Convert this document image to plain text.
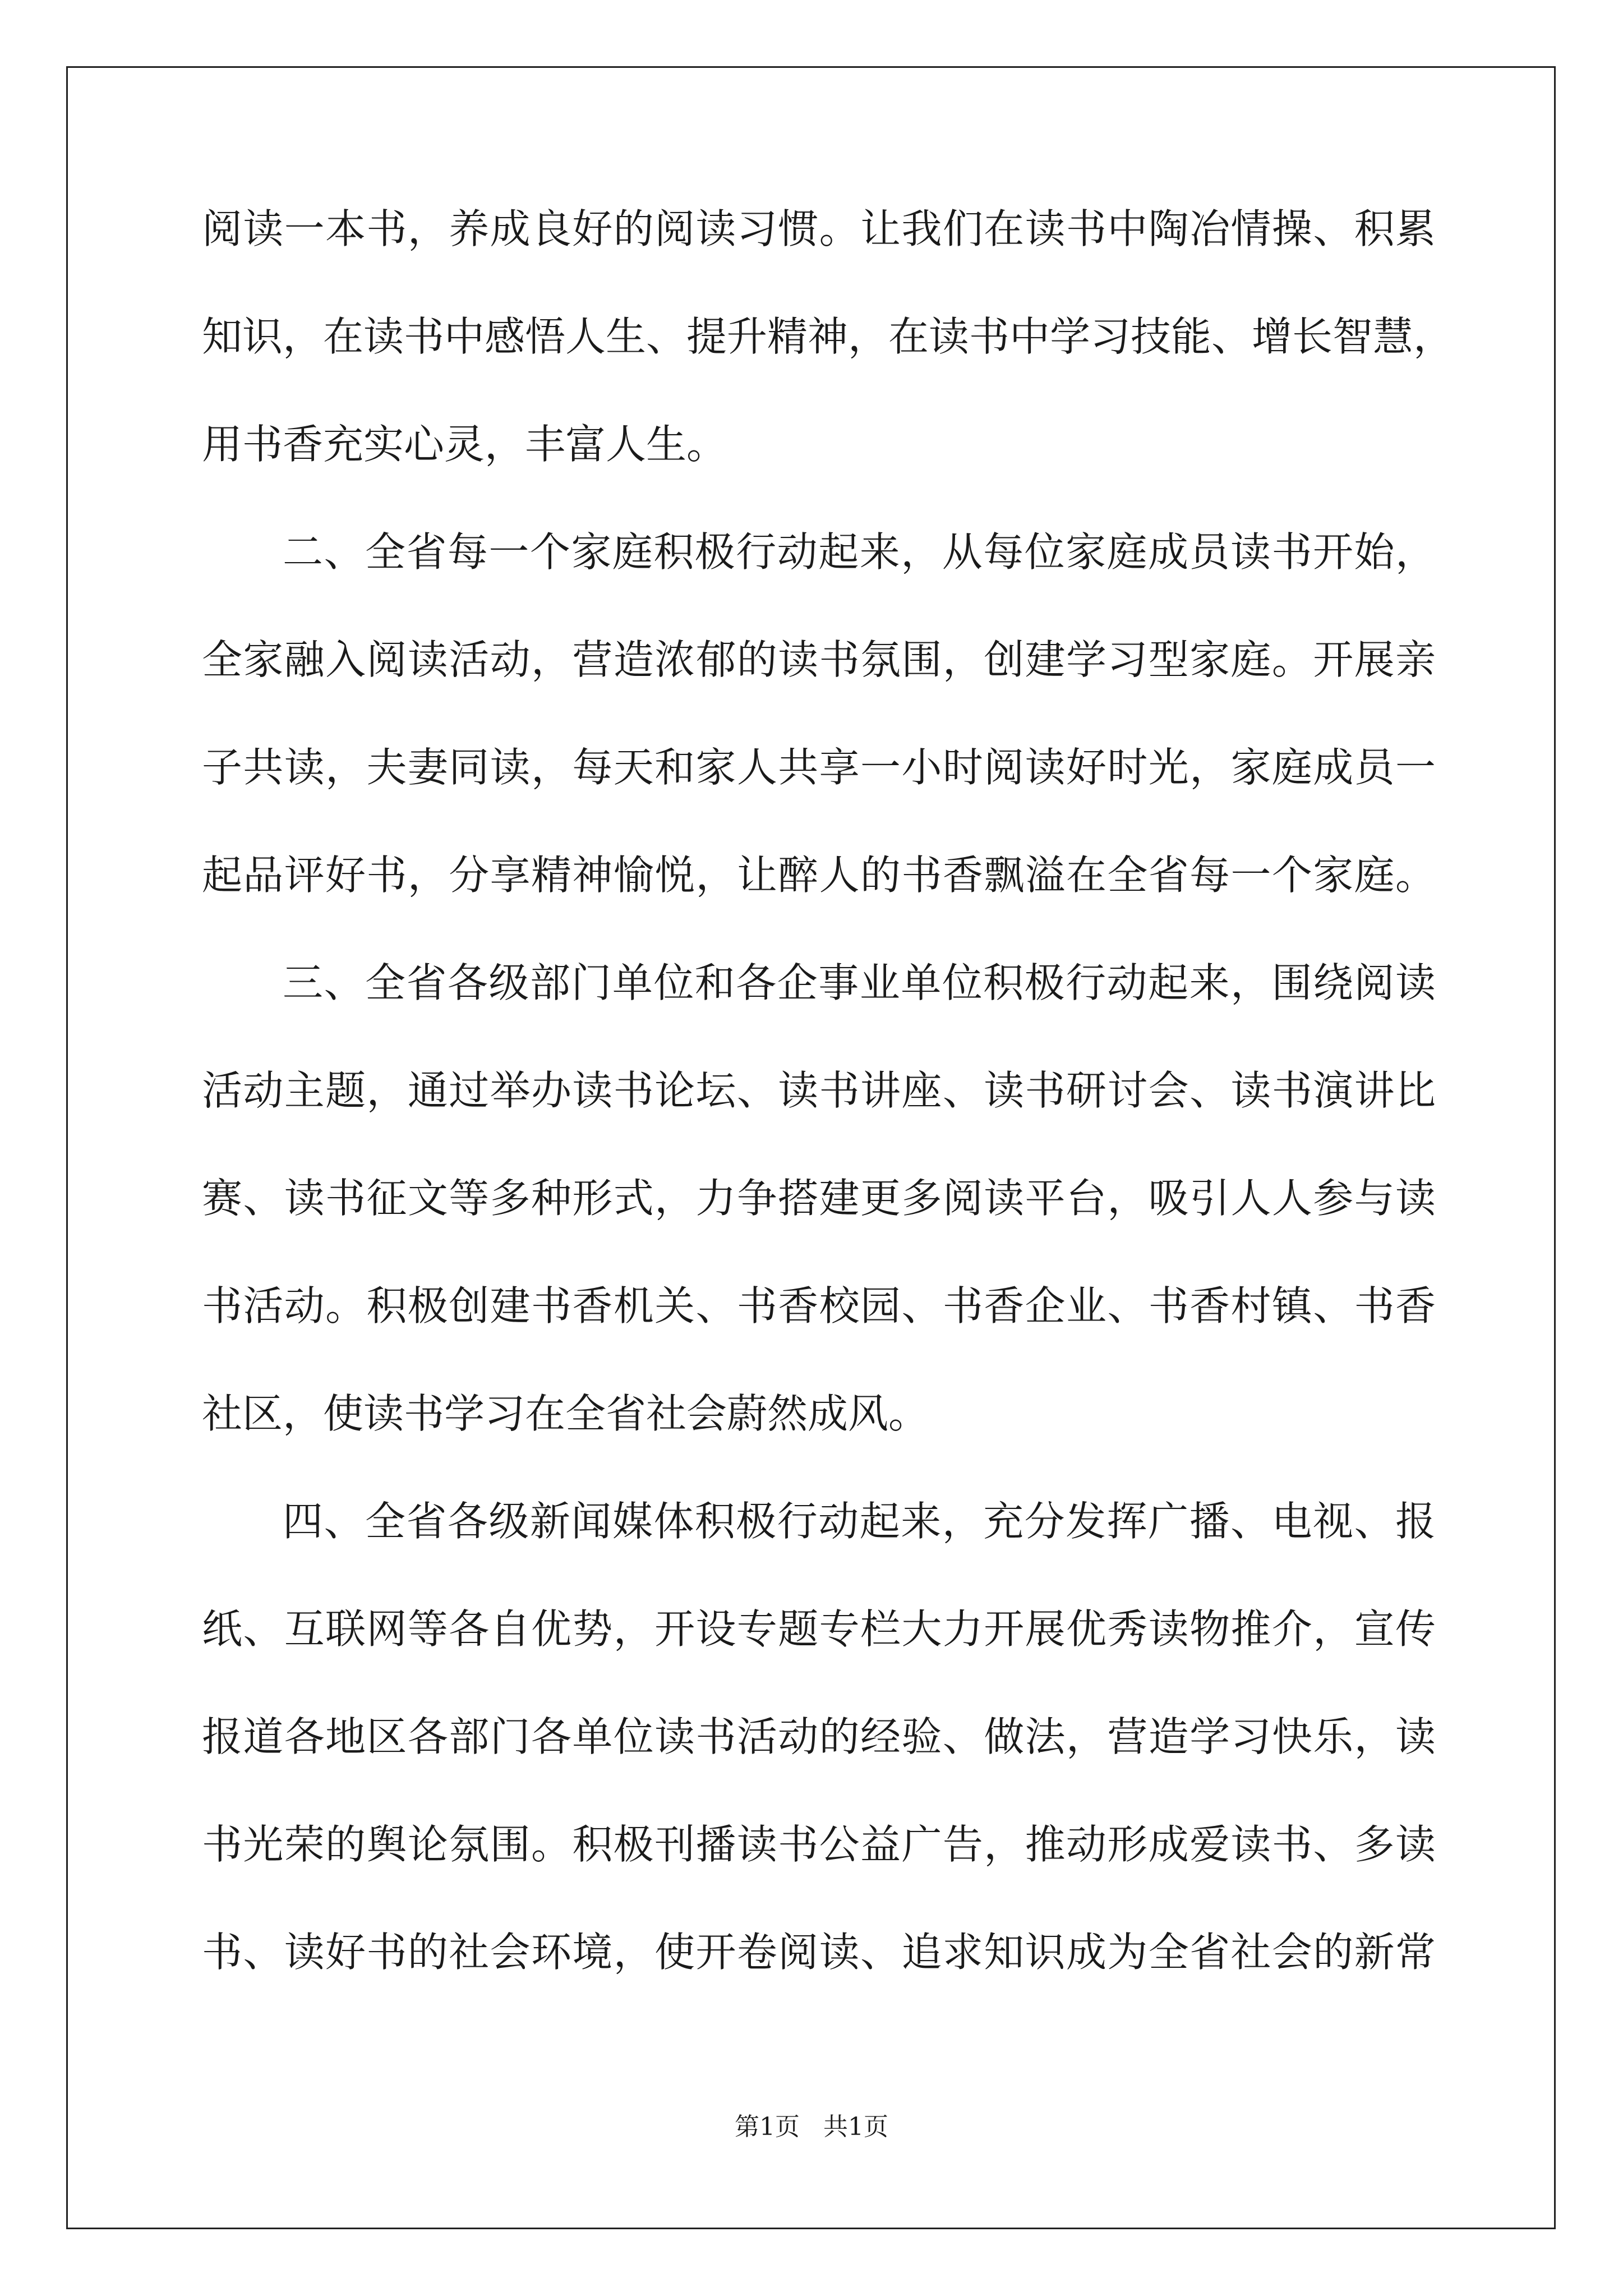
阅读一本书，养成良好的阅读习惯。让我们在读书中陶冶情操、积累
知识，在读书中感悟人生、提升精神，在读书中学习技能、增长智慧，
用书香充实心灵，丰富人生。
二、全省每一个家庭积极行动起来，从每位家庭成员读书开始，
全家融入阅读活动，营造浓郁的读书氛围，创建学习型家庭。开展亲
子共读，夫妻同读，每天和家人共享一小时阅读好时光，家庭成员一
起品评好书，分享精神愉悦，让醉人的书香飘溢在全省每一个家庭。
三、全省各级部门单位和各企事业单位积极行动起来，围绕阅读
活动主题，通过举办读书论坛、读书讲座、读书研讨会、读书演讲比
赛、读书征文等多种形式，力争搭建更多阅读平台，吸引人人参与读
书活动。积极创建书香机关、书香校园、书香企业、书香村镇、书香
社区，使读书学习在全省社会蔚然成风。
四、全省各级新闻媒体积极行动起来，充分发挥广播、电视、报
纸、互联网等各自优势，开设专题专栏大力开展优秀读物推介，宣传
报道各地区各部门各单位读书活动的经验、做法，营造学习快乐，读
书光荣的舆论氛围。积极刊播读书公益广告，推动形成爱读书、多读
书、读好书的社会环境，使开卷阅读、追求知识成为全省社会的新常
第1页   共1页
